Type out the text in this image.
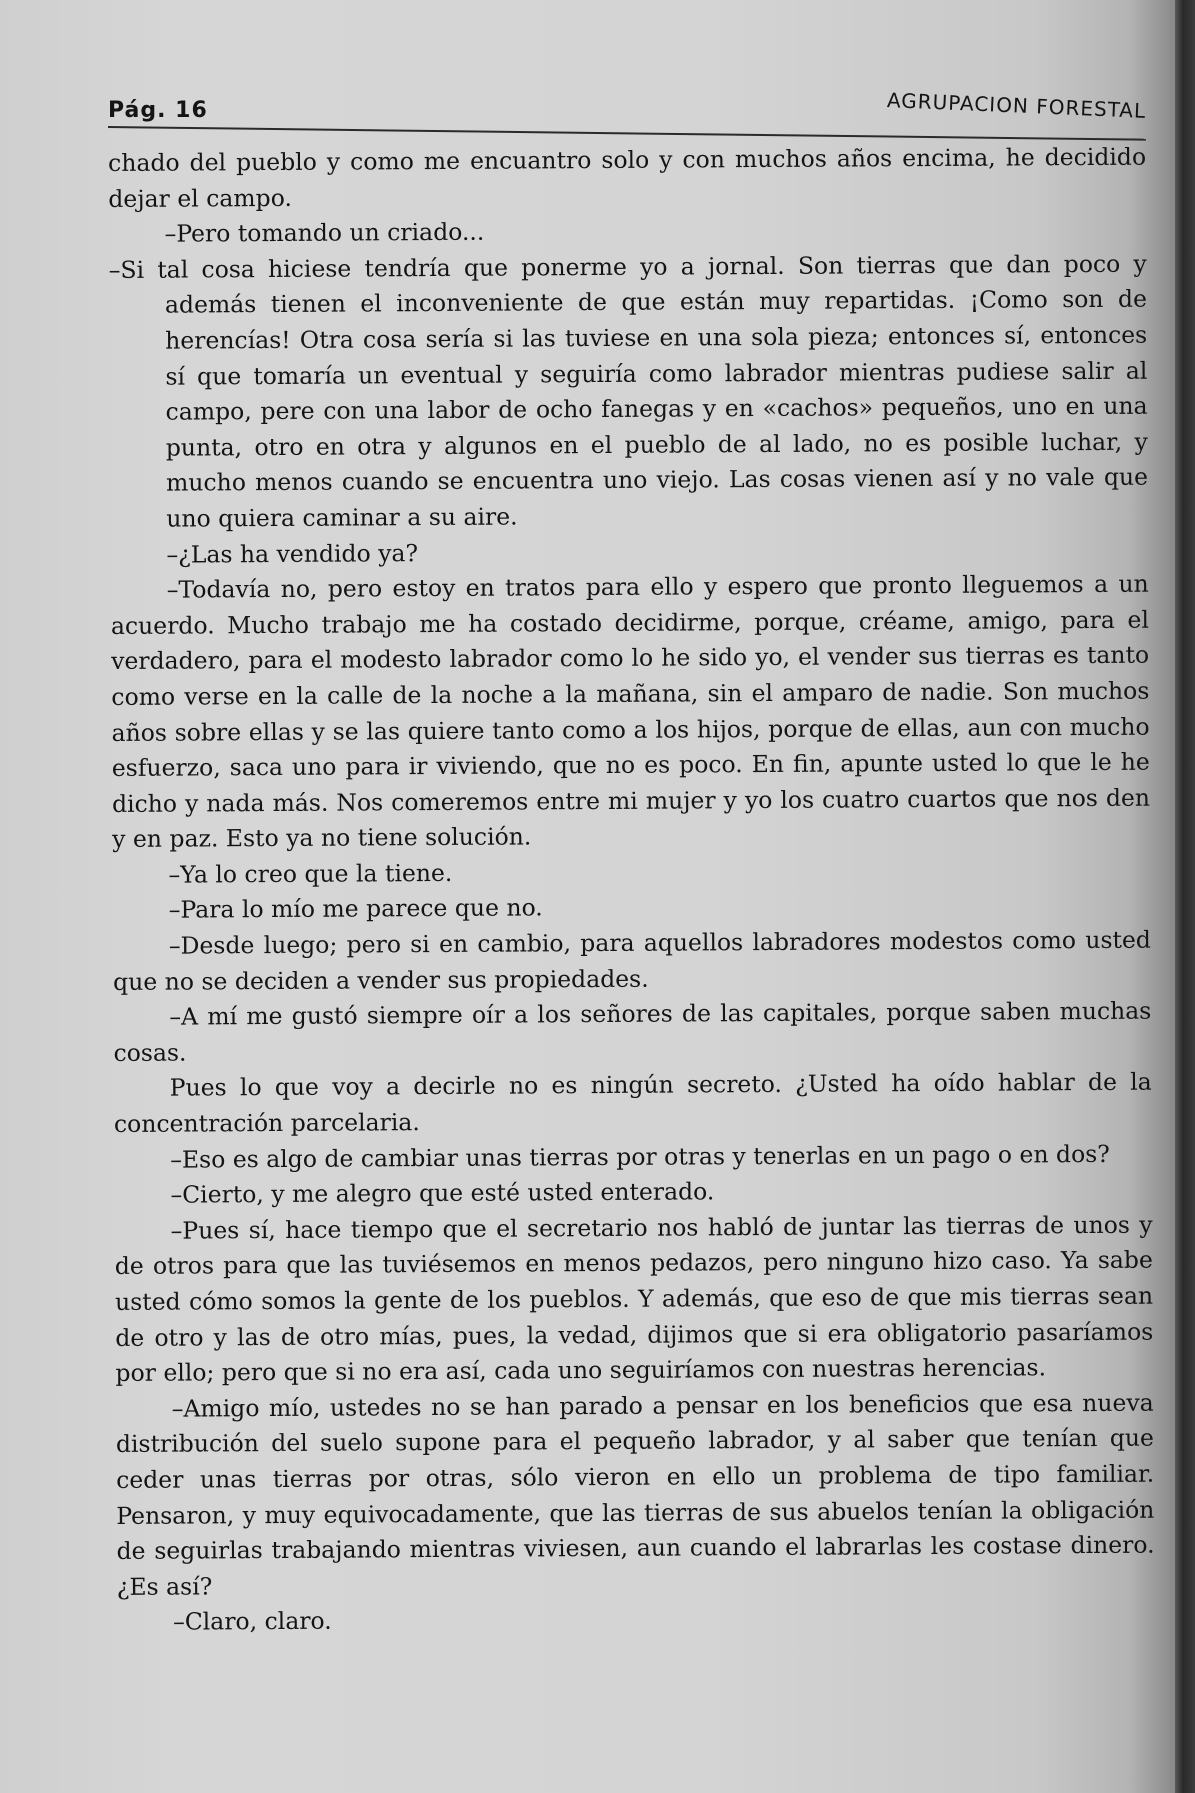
Pág. 16	AGRUPACION FORESTAL

chado del pueblo y como me encuantro solo y con muchos años encima, he decidido dejar el campo.

–Pero tomando un criado...

–Si tal cosa hiciese tendría que ponerme yo a jornal. Son tierras que dan poco y además tienen el inconveniente de que están muy repartidas. ¡Como son de herencías! Otra cosa sería si las tuviese en una sola pieza; entonces sí, entonces sí que tomaría un eventual y seguiría como labrador mientras pudiese salir al campo, pere con una labor de ocho fanegas y en «cachos» pequeños, uno en una punta, otro en otra y algunos en el pueblo de al lado, no es posible luchar, y mucho menos cuando se encuentra uno viejo. Las cosas vienen así y no vale que uno quiera caminar a su aire.

–¿Las ha vendido ya?

–Todavía no, pero estoy en tratos para ello y espero que pronto lleguemos a un acuerdo. Mucho trabajo me ha costado decidirme, porque, créame, amigo, para el verdadero, para el modesto labrador como lo he sido yo, el vender sus tierras es tanto como verse en la calle de la noche a la mañana, sin el amparo de nadie. Son muchos años sobre ellas y se las quiere tanto como a los hijos, porque de ellas, aun con mucho esfuerzo, saca uno para ir viviendo, que no es poco. En fin, apunte usted lo que le he dicho y nada más. Nos comeremos entre mi mujer y yo los cuatro cuartos que nos den y en paz. Esto ya no tiene solución.

–Ya lo creo que la tiene.

–Para lo mío me parece que no.

–Desde luego; pero si en cambio, para aquellos labradores modestos como usted que no se deciden a vender sus propiedades.

–A mí me gustó siempre oír a los señores de las capitales, porque saben muchas cosas.

Pues lo que voy a decirle no es ningún secreto. ¿Usted ha oído hablar de la concentración parcelaria.

–Eso es algo de cambiar unas tierras por otras y tenerlas en un pago o en dos?

–Cierto, y me alegro que esté usted enterado.

–Pues sí, hace tiempo que el secretario nos habló de juntar las tierras de unos y de otros para que las tuviésemos en menos pedazos, pero ninguno hizo caso. Ya sabe usted cómo somos la gente de los pueblos. Y además, que eso de que mis tierras sean de otro y las de otro mías, pues, la vedad, dijimos que si era obligatorio pasaríamos por ello; pero que si no era así, cada uno seguiríamos con nuestras herencias.

–Amigo mío, ustedes no se han parado a pensar en los beneficios que esa nueva distribución del suelo supone para el pequeño labrador, y al saber que tenían que ceder unas tierras por otras, sólo vieron en ello un problema de tipo familiar. Pensaron, y muy equivocadamente, que las tierras de sus abuelos tenían la obligación de seguirlas trabajando mientras viviesen, aun cuando el labrarlas les costase dinero. ¿Es así?

–Claro, claro.
